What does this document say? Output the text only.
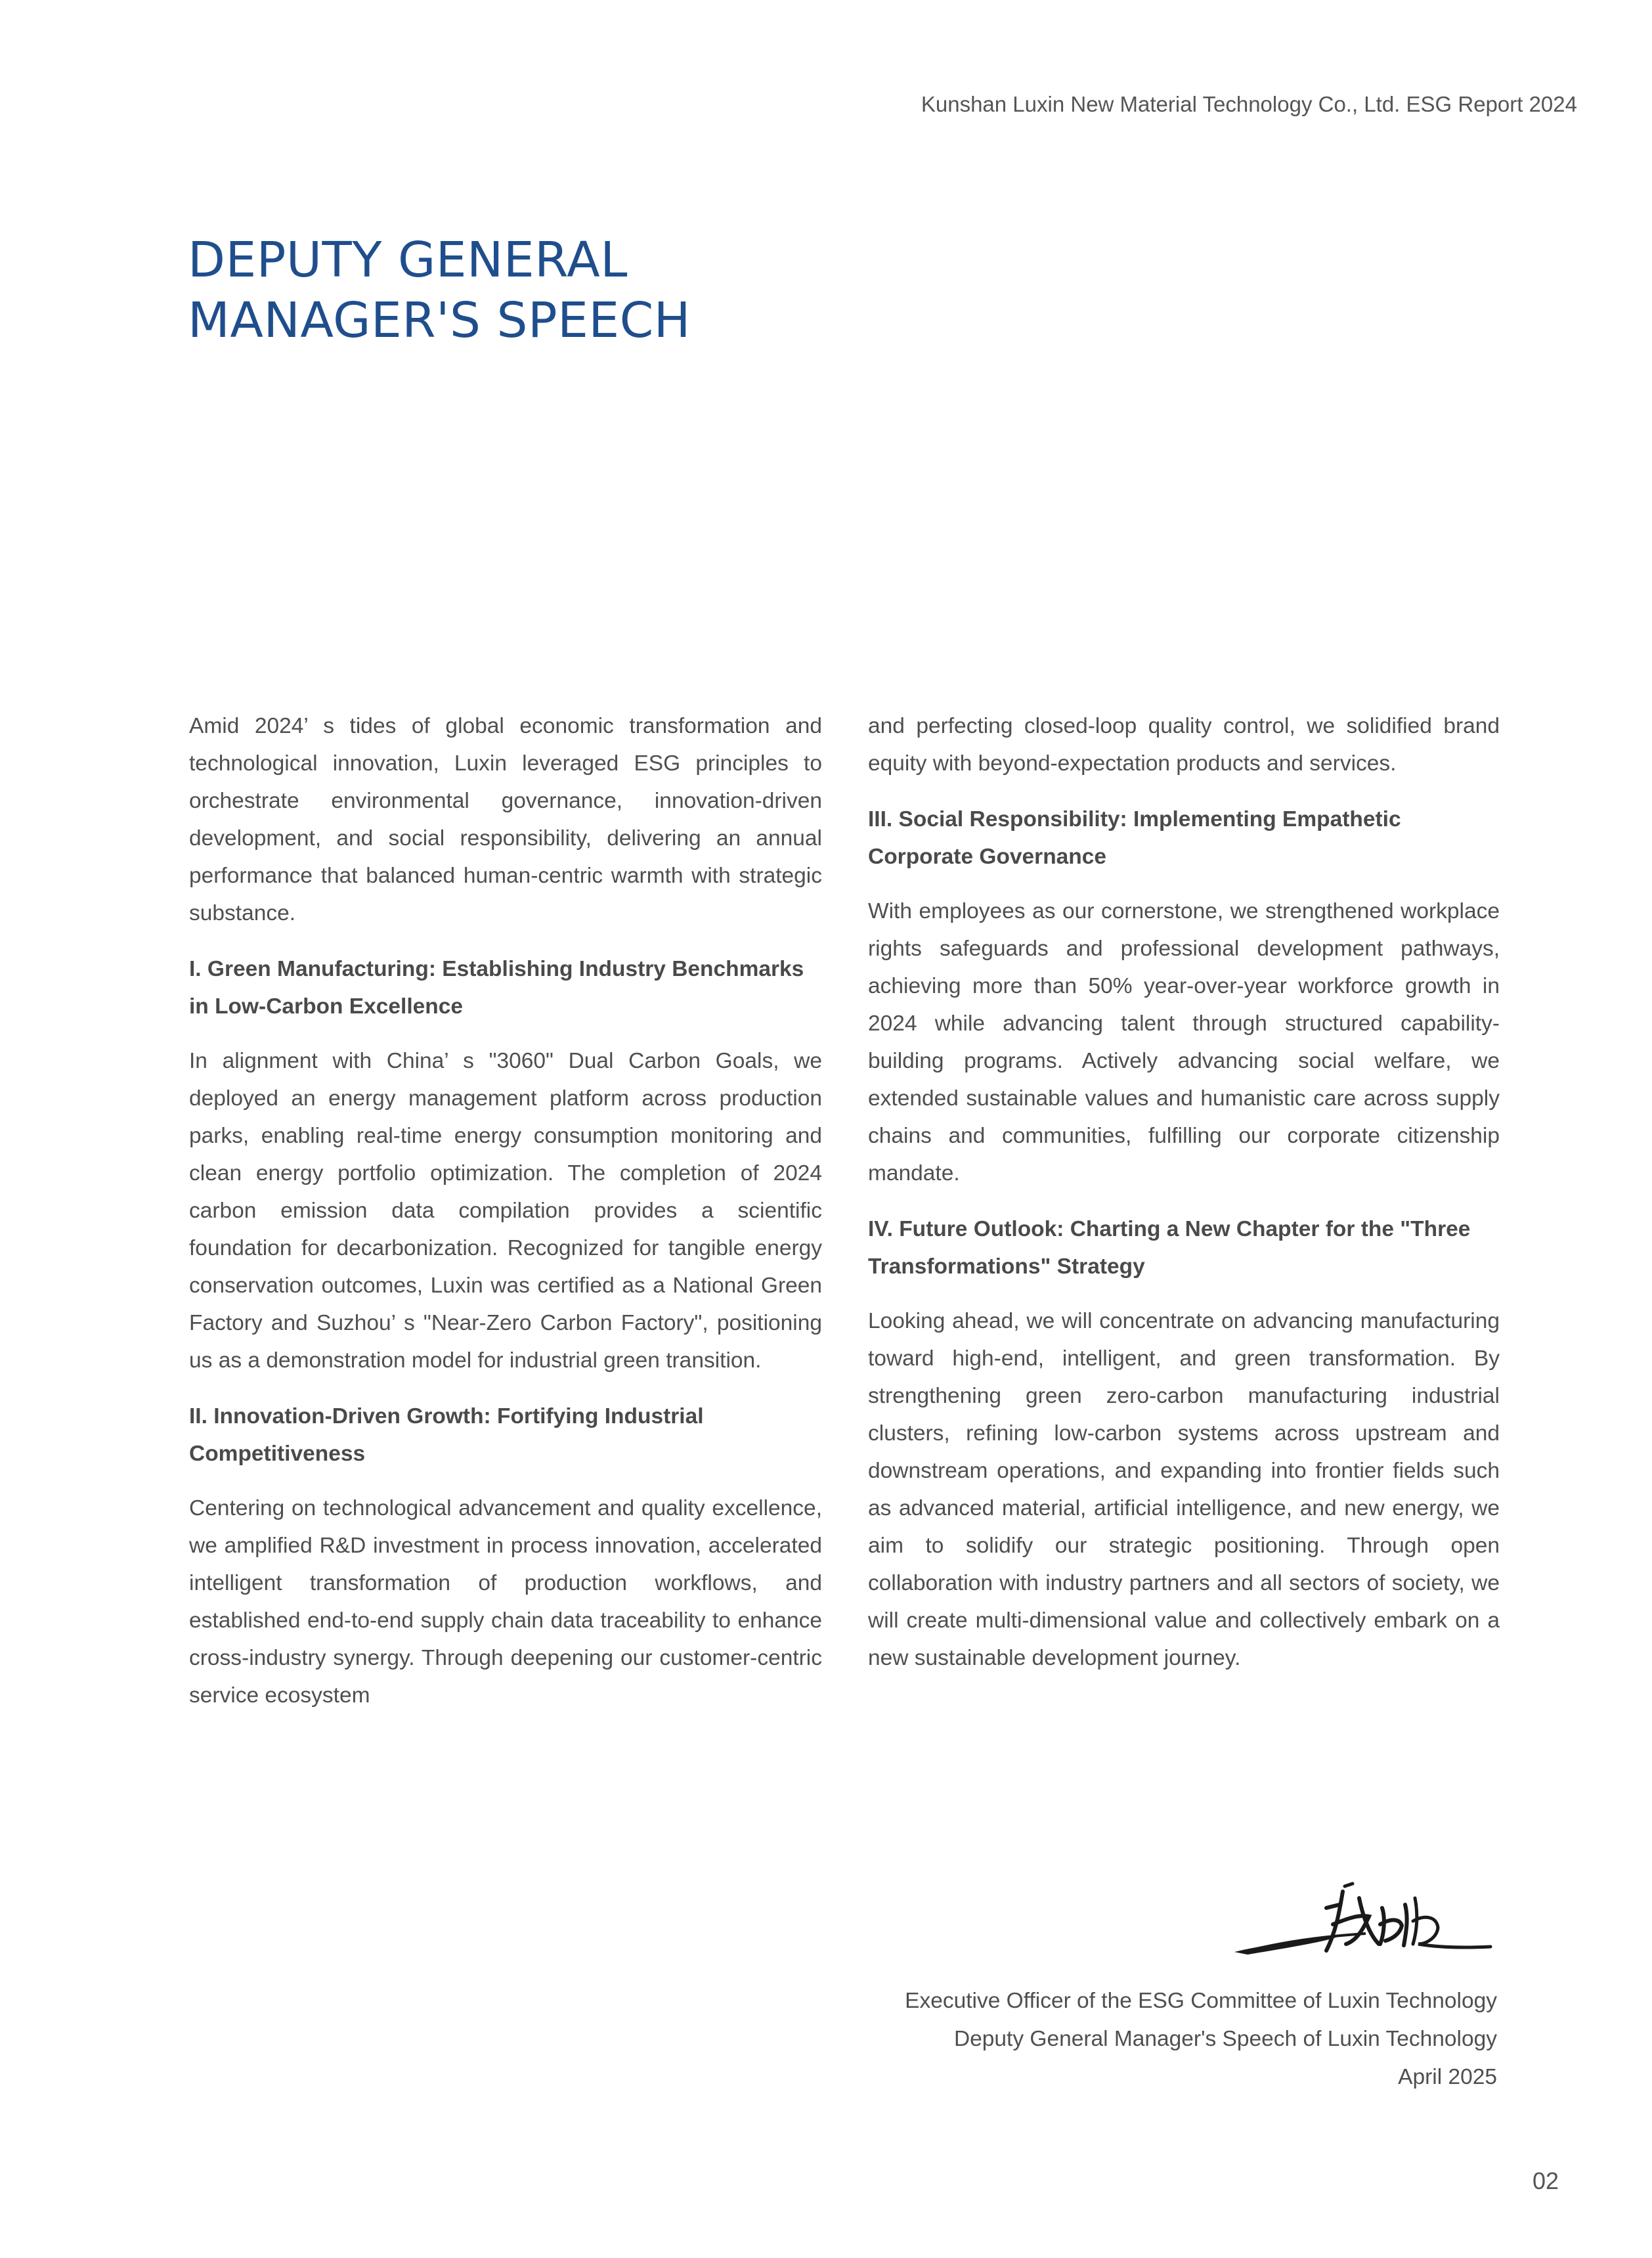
Kunshan Luxin New Material Technology Co., Ltd. ESG Report 2024
DEPUTY GENERAL
MANAGER'S SPEECH

Amid 2024’ s tides of global economic transformation and technological innovation, Luxin leveraged ESG principles to orchestrate environmental governance, innovation-driven development, and social responsibility, delivering an annual performance that balanced human-centric warmth with strategic substance.

I. Green Manufacturing: Establishing Industry Benchmarks in Low-Carbon Excellence

In alignment with China’ s "3060" Dual Carbon Goals, we deployed an energy management platform across production parks, enabling real-time energy consumption monitoring and clean energy portfolio optimization. The completion of 2024 carbon emission data compilation provides a scientific foundation for decarbonization. Recognized for tangible energy conservation outcomes, Luxin was certified as a National Green Factory and Suzhou’ s "Near-Zero Carbon Factory", positioning us as a demonstration model for industrial green transition.

II. Innovation-Driven Growth: Fortifying Industrial Competitiveness

Centering on technological advancement and quality excellence, we amplified R&D investment in process innovation, accelerated intelligent transformation of production workflows, and established end-to-end supply chain data traceability to enhance cross-industry synergy. Through deepening our customer-centric service ecosystem

and perfecting closed-loop quality control, we solidified brand equity with beyond-expectation products and services.

III. Social Responsibility: Implementing Empathetic Corporate Governance

With employees as our cornerstone, we strengthened workplace rights safeguards and professional development pathways, achieving more than 50% year-over-year workforce growth in 2024 while advancing talent through structured capability-building programs. Actively advancing social welfare, we extended sustainable values and humanistic care across supply chains and communities, fulfilling our corporate citizenship mandate.

IV. Future Outlook: Charting a New Chapter for the "Three Transformations" Strategy

Looking ahead, we will concentrate on advancing manufacturing toward high-end, intelligent, and green transformation. By strengthening green zero-carbon manufacturing industrial clusters, refining low-carbon systems across upstream and downstream operations, and expanding into frontier fields such as advanced material, artificial intelligence, and new energy, we aim to solidify our strategic positioning. Through open collaboration with industry partners and all sectors of society, we will create multi-dimensional value and collectively embark on a new sustainable development journey.

Executive Officer of the ESG Committee of Luxin Technology
Deputy General Manager's Speech of Luxin Technology
April 2025
02
